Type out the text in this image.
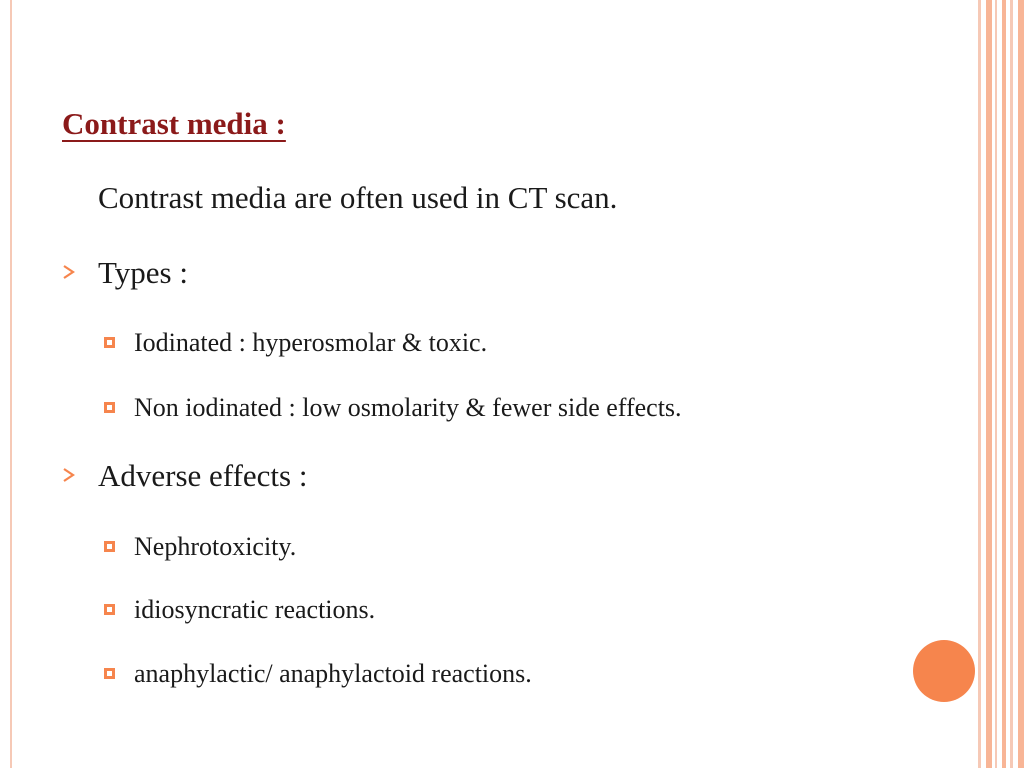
Contrast media :
Contrast media are often used in CT scan.
Types :
Iodinated : hyperosmolar & toxic.
Non iodinated : low osmolarity & fewer side effects.
Adverse effects :
Nephrotoxicity.
idiosyncratic reactions.
anaphylactic/ anaphylactoid reactions.
